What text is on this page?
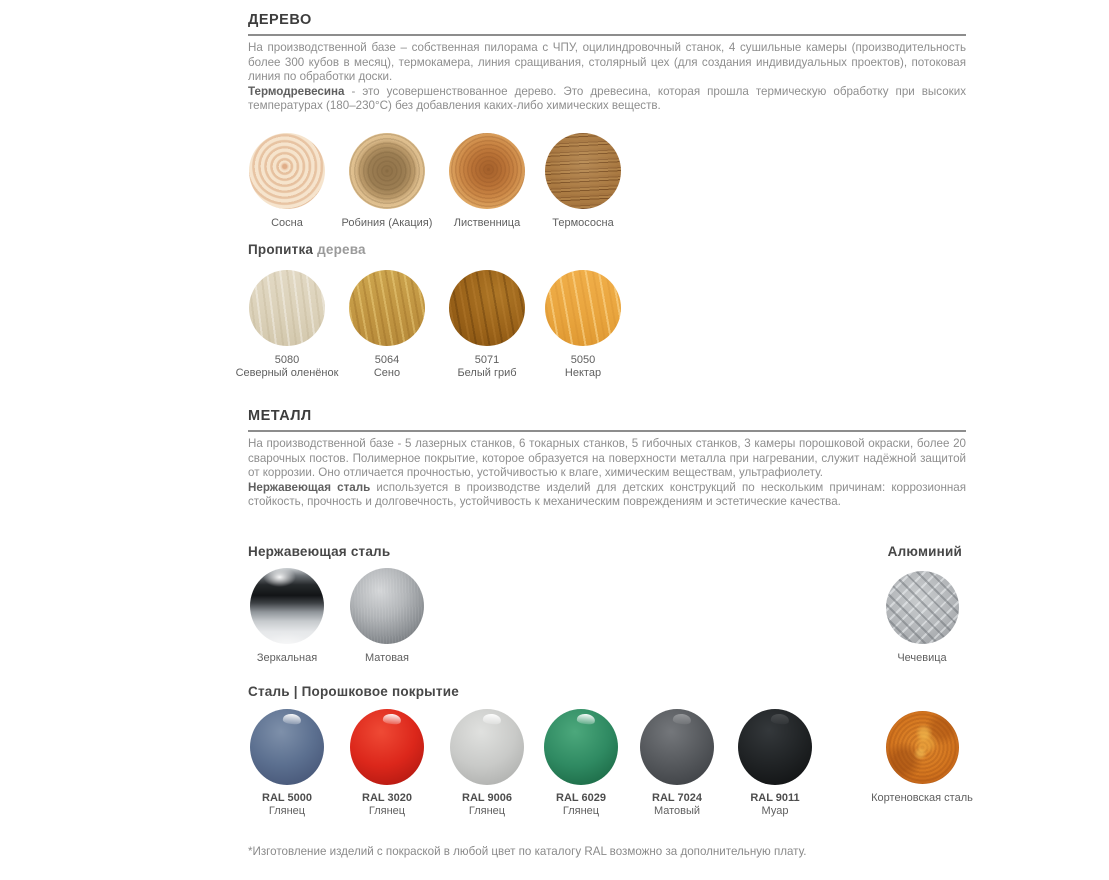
ДЕРЕВО
На производственной базе – собственная пилорама с ЧПУ, оцилиндровочный станок, 4 сушильные камеры (производительность более 300 кубов в месяц), термокамера, линия сращивания, столярный цех (для создания индивидуальных проектов), потоковая линия по обработки доски.
Термодревесина - это усовершенствованное дерево. Это древесина, которая прошла термическую обработку при высоких температурах (180–230°С) без добавления каких-либо химических веществ.
Сосна	Робиния (Акация)	Лиственница	Термососна
Пропитка дерева
5080
Северный оленёнок
5064
Сено
5071
Белый гриб
5050
Нектар
МЕТАЛЛ
На производственной базе - 5 лазерных станков, 6 токарных станков, 5 гибочных станков, 3 камеры порошковой окраски, более 20 сварочных постов. Полимерное покрытие, которое образуется на поверхности металла при нагревании, служит надёжной защитой от коррозии. Оно отличается прочностью, устойчивостью к влаге, химическим веществам, ультрафиолету.
Нержавеющая сталь используется в производстве изделий для детских конструкций по нескольким причинам: коррозионная стойкость, прочность и долговечность, устойчивость к механическим повреждениям и эстетические качества.
Нержавеющая сталь	Алюминий
Зеркальная	Матовая	Чечевица
Сталь | Порошковое покрытие
RAL 5000
Глянец
RAL 3020
Глянец
RAL 9006
Глянец
RAL 6029
Глянец
RAL 7024
Матовый
RAL 9011
Муар
Кортеновская сталь
*Изготовление изделий с покраской в любой цвет по каталогу RAL возможно за дополнительную плату.
